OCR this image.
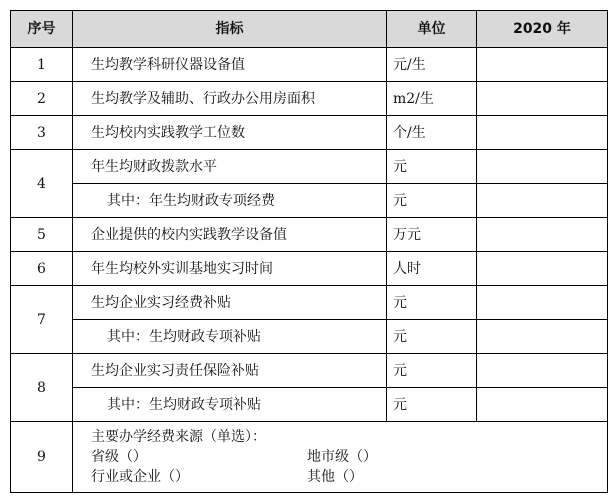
序号	指标	单位	2020 年
1	生均教学科研仪器设备值	元/生	
2	生均教学及辅助、行政办公用房面积	m2/生	
3	生均校内实践教学工位数	个/生	
4	年生均财政拨款水平	元	
	其中：年生均财政专项经费	元	
5	企业提供的校内实践教学设备值	万元	
6	年生均校外实训基地实习时间	人时	
7	生均企业实习经费补贴	元	
	其中：生均财政专项补贴	元	
8	生均企业实习责任保险补贴	元	
	其中：生均财政专项补贴	元	
9	主要办学经费来源（单选）：
省级（） 地市级（）
行业或企业（） 其他（）		
